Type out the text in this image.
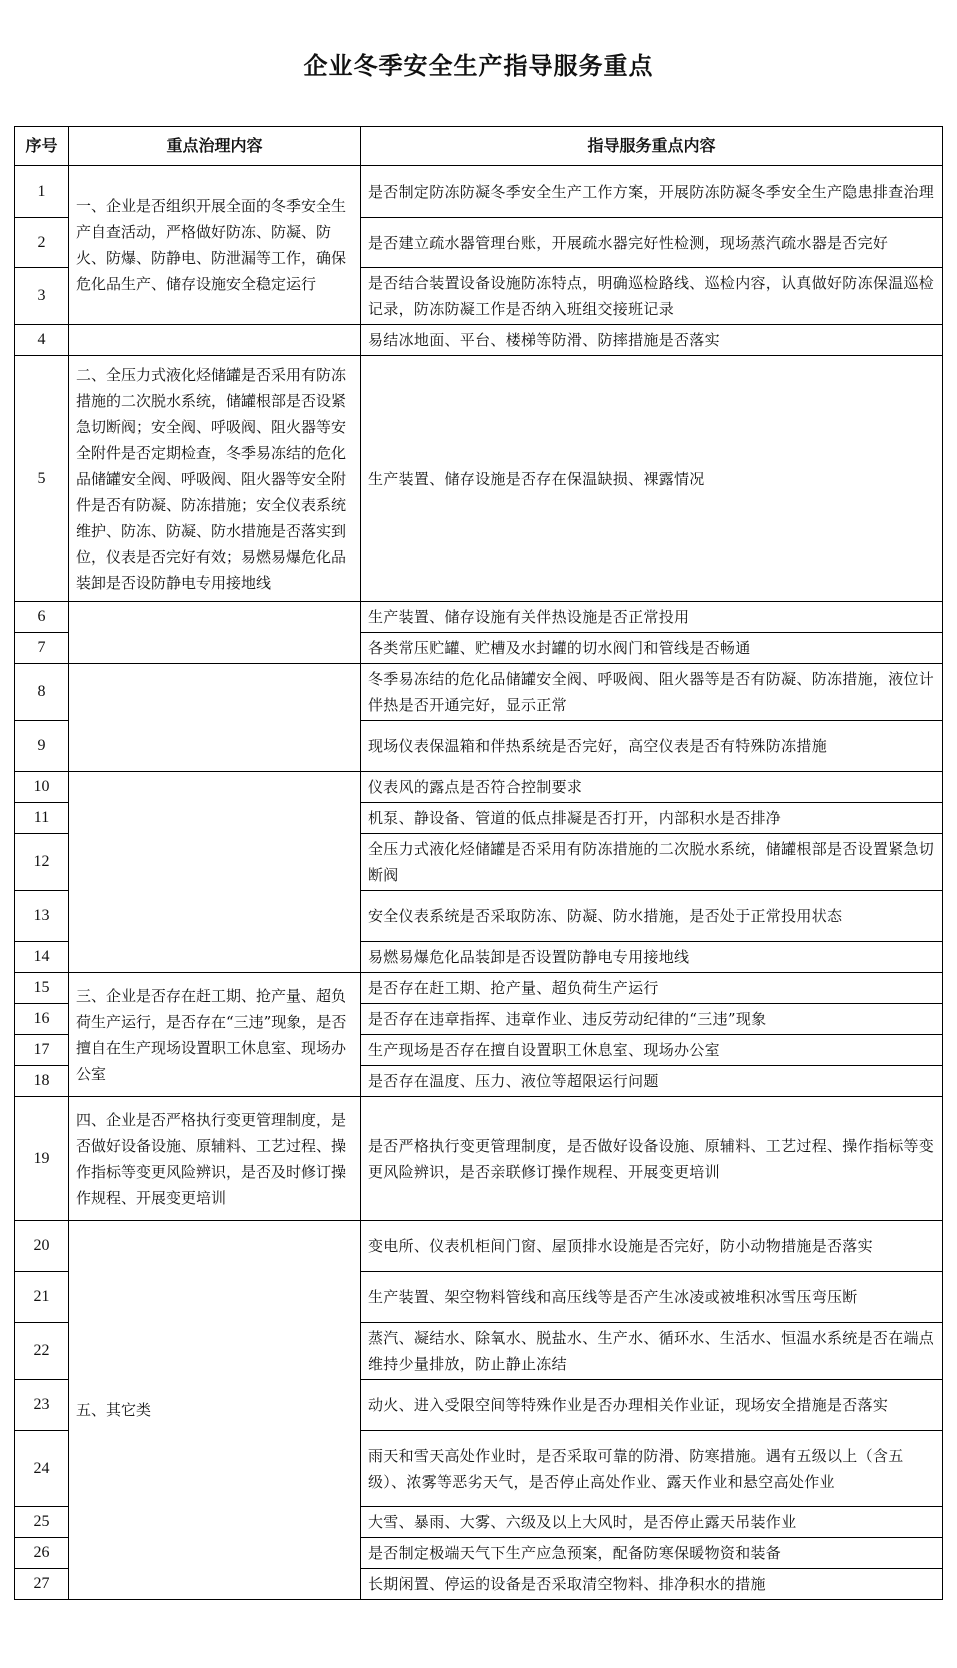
企业冬季安全生产指导服务重点
序号	重点治理内容	指导服务重点内容
1	一、企业是否组织开展全面的冬季安全生产自查活动，严格做好防冻、防凝、防火、防爆、防静电、防泄漏等工作，确保危化品生产、储存设施安全稳定运行	是否制定防冻防凝冬季安全生产工作方案，开展防冻防凝冬季安全生产隐患排查治理
2		是否建立疏水器管理台账，开展疏水器完好性检测，现场蒸汽疏水器是否完好
3		是否结合装置设备设施防冻特点，明确巡检路线、巡检内容，认真做好防冻保温巡检记录，防冻防凝工作是否纳入班组交接班记录
4		易结冰地面、平台、楼梯等防滑、防摔措施是否落实
5	二、全压力式液化烃储罐是否采用有防冻措施的二次脱水系统，储罐根部是否设紧急切断阀；安全阀、呼吸阀、阻火器等安全附件是否定期检查，冬季易冻结的危化品储罐安全阀、呼吸阀、阻火器等安全附件是否有防凝、防冻措施；安全仪表系统维护、防冻、防凝、防水措施是否落实到位，仪表是否完好有效；易燃易爆危化品装卸是否设防静电专用接地线	生产装置、储存设施是否存在保温缺损、裸露情况
6		生产装置、储存设施有关伴热设施是否正常投用
7		各类常压贮罐、贮槽及水封罐的切水阀门和管线是否畅通
8		冬季易冻结的危化品储罐安全阀、呼吸阀、阻火器等是否有防凝、防冻措施，液位计伴热是否开通完好，显示正常
9		现场仪表保温箱和伴热系统是否完好，高空仪表是否有特殊防冻措施
10		仪表风的露点是否符合控制要求
11		机泵、静设备、管道的低点排凝是否打开，内部积水是否排净
12		全压力式液化烃储罐是否采用有防冻措施的二次脱水系统，储罐根部是否设置紧急切断阀
13		安全仪表系统是否采取防冻、防凝、防水措施，是否处于正常投用状态
14		易燃易爆危化品装卸是否设置防静电专用接地线
15	三、企业是否存在赶工期、抢产量、超负荷生产运行，是否存在“三违”现象，是否擅自在生产现场设置职工休息室、现场办公室	是否存在赶工期、抢产量、超负荷生产运行
16		是否存在违章指挥、违章作业、违反劳动纪律的“三违”现象
17		生产现场是否存在擅自设置职工休息室、现场办公室
18		是否存在温度、压力、液位等超限运行问题
19	四、企业是否严格执行变更管理制度，是否做好设备设施、原辅料、工艺过程、操作指标等变更风险辨识，是否及时修订操作规程、开展变更培训	是否严格执行变更管理制度，是否做好设备设施、原辅料、工艺过程、操作指标等变更风险辨识，是否亲联修订操作规程、开展变更培训
20	五、其它类	变电所、仪表机柜间门窗、屋顶排水设施是否完好，防小动物措施是否落实
21		生产装置、架空物料管线和高压线等是否产生冰凌或被堆积冰雪压弯压断
22		蒸汽、凝结水、除氧水、脱盐水、生产水、循环水、生活水、恒温水系统是否在端点维持少量排放，防止静止冻结
23		动火、进入受限空间等特殊作业是否办理相关作业证，现场安全措施是否落实
24		雨天和雪天高处作业时，是否采取可靠的防滑、防寒措施。遇有五级以上（含五级）、浓雾等恶劣天气，是否停止高处作业、露天作业和悬空高处作业
25		大雪、暴雨、大雾、六级及以上大风时，是否停止露天吊装作业
26		是否制定极端天气下生产应急预案，配备防寒保暖物资和装备
27		长期闲置、停运的设备是否采取清空物料、排净积水的措施
